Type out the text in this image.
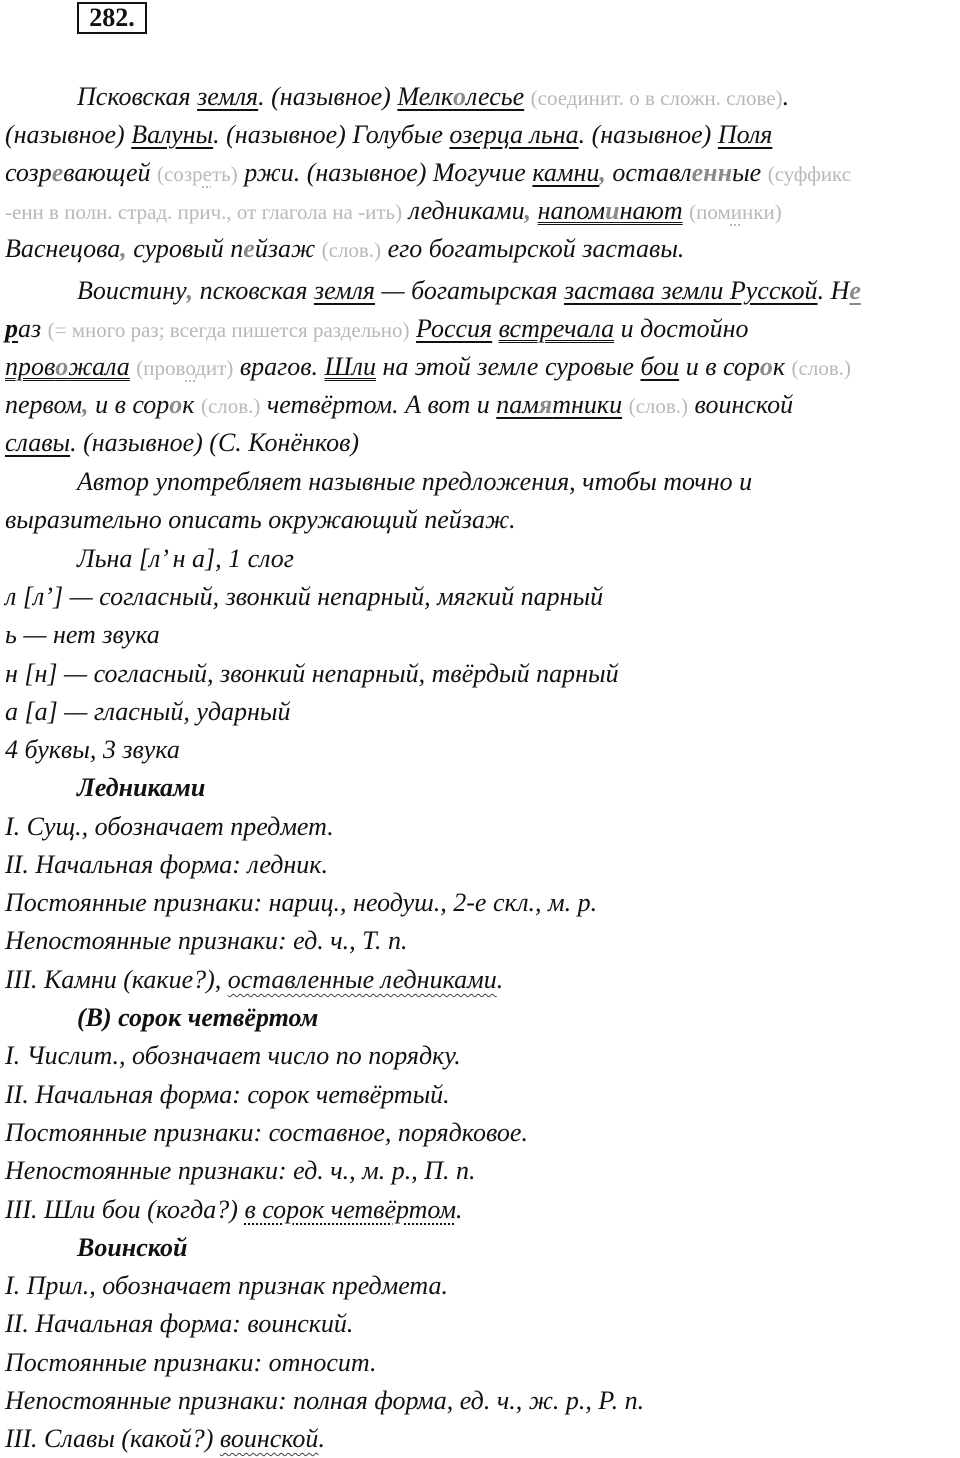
282.
Псковская земля. (назывное) Мелколесье (соединит. о в сложн. слове).
(назывное) Валуны. (назывное) Голубые озерца льна. (назывное) Поля
созревающей (созреть) ржи. (назывное) Могучие камни, оставленные (суффикс
-енн в полн. страд. прич., от глагола на -ить) ледниками, напоминают (поминки)
Васнецова, суровый пейзаж (слов.) его богатырской заставы.
Воистину, псковская земля — богатырская застава земли Русской. Не
раз (= много раз; всегда пишется раздельно) Россия встречала и достойно
провожала (проводит) врагов. Шли на этой земле суровые бои и в сорок (слов.)
первом, и в сорок (слов.) четвёртом. А вот и памятники (слов.) воинской
славы. (назывное) (С. Конёнков)
Автор употребляет назывные предложения, чтобы точно и
выразительно описать окружающий пейзаж.
Льна [л’ н а], 1 слог
л [л’] — согласный, звонкий непарный, мягкий парный
ь — нет звука
н [н] — согласный, звонкий непарный, твёрдый парный
а [а] — гласный, ударный
4 буквы, 3 звука
Ледниками
I. Сущ., обозначает предмет.
II. Начальная форма: ледник.
Постоянные признаки: нариц., неодуш., 2-е скл., м. р.
Непостоянные признаки: ед. ч., Т. п.
III. Камни (какие?), оставленные ледниками.
(В) сорок четвёртом
I. Числит., обозначает число по порядку.
II. Начальная форма: сорок четвёртый.
Постоянные признаки: составное, порядковое.
Непостоянные признаки: ед. ч., м. р., П. п.
III. Шли бои (когда?) в сорок четвёртом.
Воинской
I. Прил., обозначает признак предмета.
II. Начальная форма: воинский.
Постоянные признаки: относит.
Непостоянные признаки: полная форма, ед. ч., ж. р., Р. п.
III. Славы (какой?) воинской.
